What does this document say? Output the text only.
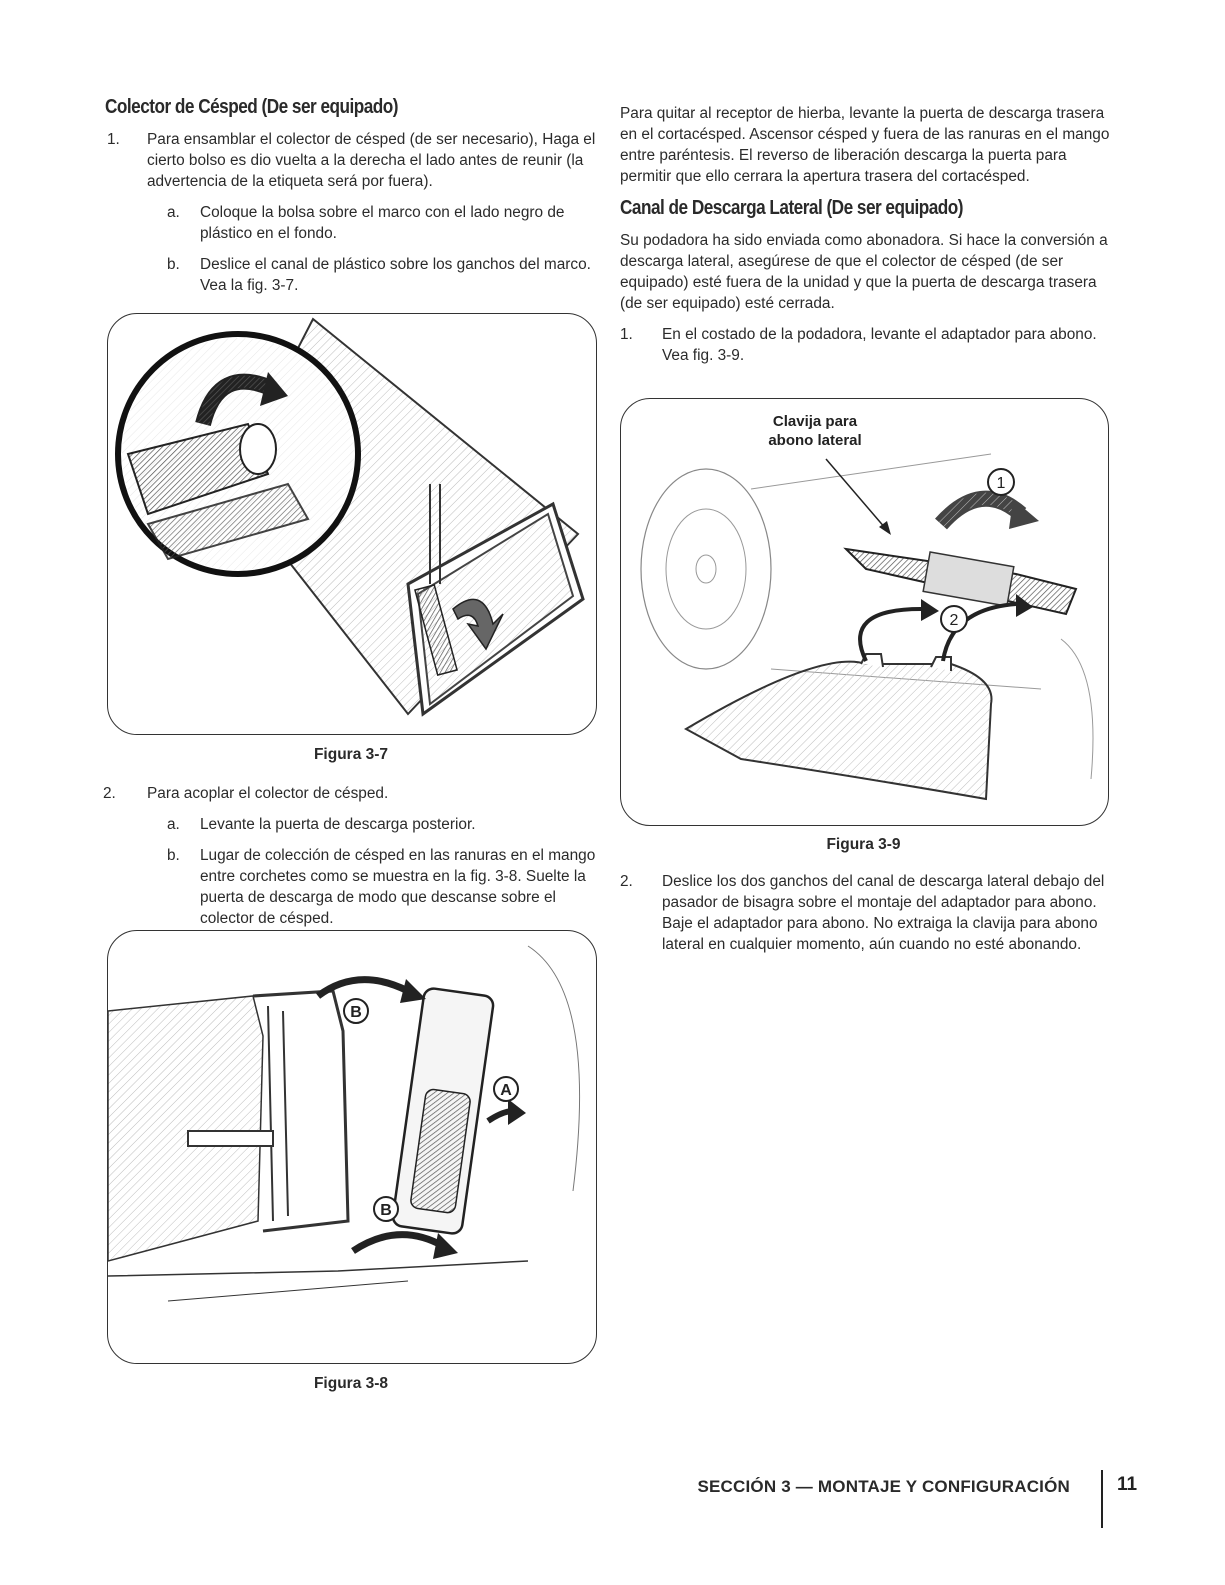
Colector de Césped (De ser equipado)
1. Para ensamblar el colector de césped (de ser necesario), Haga el cierto bolso es dio vuelta a la derecha el lado antes de reunir (la advertencia de la etiqueta será por fuera).
a. Coloque la bolsa sobre el marco con el lado negro de plástico en el fondo.
b. Deslice el canal de plástico sobre los ganchos del marco. Vea la fig. 3-7.
Figura 3-7
2. Para acoplar el colector de césped.
a. Levante la puerta de descarga posterior.
b. Lugar de colección de césped en las ranuras en el mango entre corchetes como se muestra en la fig. 3-8. Suelte la puerta de descarga de modo que descanse sobre el colector de césped.
B
B
A
Figura 3-8

Para quitar al receptor de hierba, levante la puerta de descarga trasera en el cortacésped. Ascensor césped y fuera de las ranuras en el mango entre paréntesis. El reverso de liberación descarga la puerta para permitir que ello cerrara la apertura trasera del cortacésped.

Canal de Descarga Lateral (De ser equipado)

Su podadora ha sido enviada como abonadora. Si hace la conversión a descarga lateral, asegúrese de que el colector de césped (de ser equipado) esté fuera de la unidad y que la puerta de descarga trasera (de ser equipado) esté cerrada.

1. En el costado de la podadora, levante el adaptador para abono. Vea fig. 3-9.
1
2
Clavija para abono lateral
Figura 3-9
2. Deslice los dos ganchos del canal de descarga lateral debajo del pasador de bisagra sobre el montaje del adaptador para abono. Baje el adaptador para abono. No extraiga la clavija para abono lateral en cualquier momento, aún cuando no esté abonando.
SECCIÓN 3 — MONTAJE Y CONFIGURACIÓN 11
